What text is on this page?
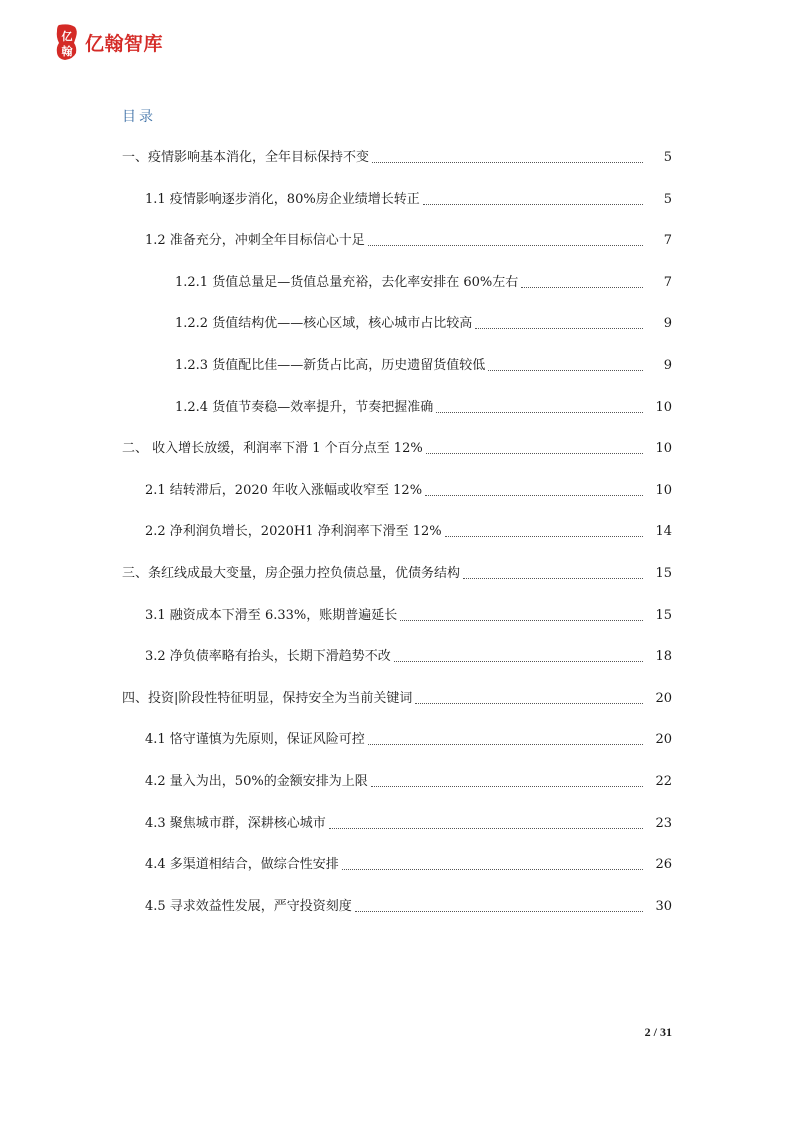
亿
翰 亿翰智库
目录
一、疫情影响基本消化，全年目标保持不变	5
1.1 疫情影响逐步消化，80%房企业绩增长转正	5
1.2 准备充分，冲刺全年目标信心十足	7
1.2.1 货值总量足—货值总量充裕，去化率安排在 60%左右	7
1.2.2 货值结构优——核心区域，核心城市占比较高	9
1.2.3 货值配比佳——新货占比高，历史遗留货值较低	9
1.2.4 货值节奏稳—效率提升，节奏把握准确	10
二、 收入增长放缓，利润率下滑 1 个百分点至 12%	10
2.1 结转滞后，2020 年收入涨幅或收窄至 12%	10
2.2 净利润负增长，2020H1 净利润率下滑至 12%	14
三、条红线成最大变量，房企强力控负债总量，优债务结构	15
3.1 融资成本下滑至 6.33%，账期普遍延长	15
3.2 净负债率略有抬头，长期下滑趋势不改	18
四、投资|阶段性特征明显，保持安全为当前关键词	20
4.1 恪守谨慎为先原则，保证风险可控	20
4.2 量入为出，50%的金额安排为上限	22
4.3 聚焦城市群，深耕核心城市	23
4.4 多渠道相结合，做综合性安排	26
4.5 寻求效益性发展，严守投资刻度	30
2 / 31
